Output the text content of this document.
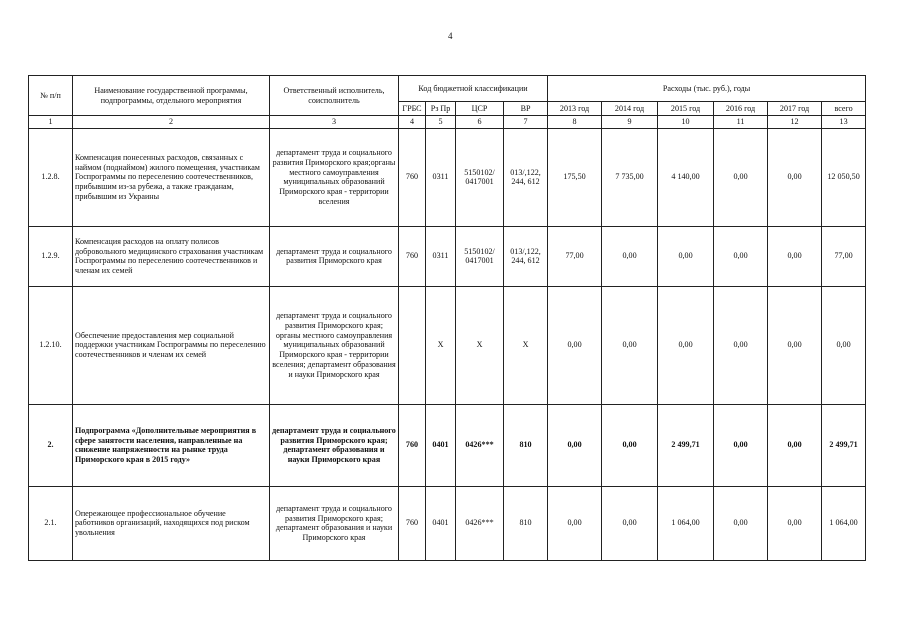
4
№ п/п	Наименование государственной программы, подпрограммы, отдельного мероприятия	Ответственный исполнитель, соисполнитель	Код бюджетной классификации				Расходы (тыс. руб.), годы					
			ГРБС	Рз Пр	ЦСР	ВР	2013 год	2014 год	2015 год	2016 год	2017 год	всего
1	2	3	4	5	6	7	8	9	10	11	12	13
1.2.8.	Компенсация понесенных расходов, связанных с наймом (поднаймом) жилого помещения, участникам Госпрограммы по переселению соотечественников, прибывшим из-за рубежа, а также гражданам, прибывшим из Украины	департамент труда и социального развития Приморского края;органы местного самоуправления муниципальных образований Приморского края - территории вселения	760	0311	5150102/ 0417001	013/,122, 244, 612	175,50	7 735,00	4 140,00	0,00	0,00	12 050,50
1.2.9.	Компенсация расходов на оплату полисов добровольного медицинского страхования участникам Госпрограммы по переселению соотечественников и членам их семей	департамент труда и социального развития Приморского края	760	0311	5150102/ 0417001	013/,122, 244, 612	77,00	0,00	0,00	0,00	0,00	77,00
1.2.10.	Обеспечение предоставления мер социальной поддержки участникам Госпрограммы по переселению соотечественников и членам их семей	департамент труда и социального развития Приморского края; органы местного самоуправления муниципальных образований Приморского края - территории вселения; департамент образования и науки Приморского края		X	X	X	0,00	0,00	0,00	0,00	0,00	0,00
2.	Подпрограмма «Дополнительные мероприятия в сфере занятости населения, направленные на снижение напряженности на рынке труда Приморского края в 2015 году»	департамент труда и социального развития Приморского края; департамент образования и науки Приморского края	760	0401	0426***	810	0,00	0,00	2 499,71	0,00	0,00	2 499,71
2.1.	Опережающее профессиональное обучение работников организаций, находящихся под риском увольнения	департамент труда и социального развития Приморского края; департамент образования и науки Приморского края	760	0401	0426***	810	0,00	0,00	1 064,00	0,00	0,00	1 064,00
